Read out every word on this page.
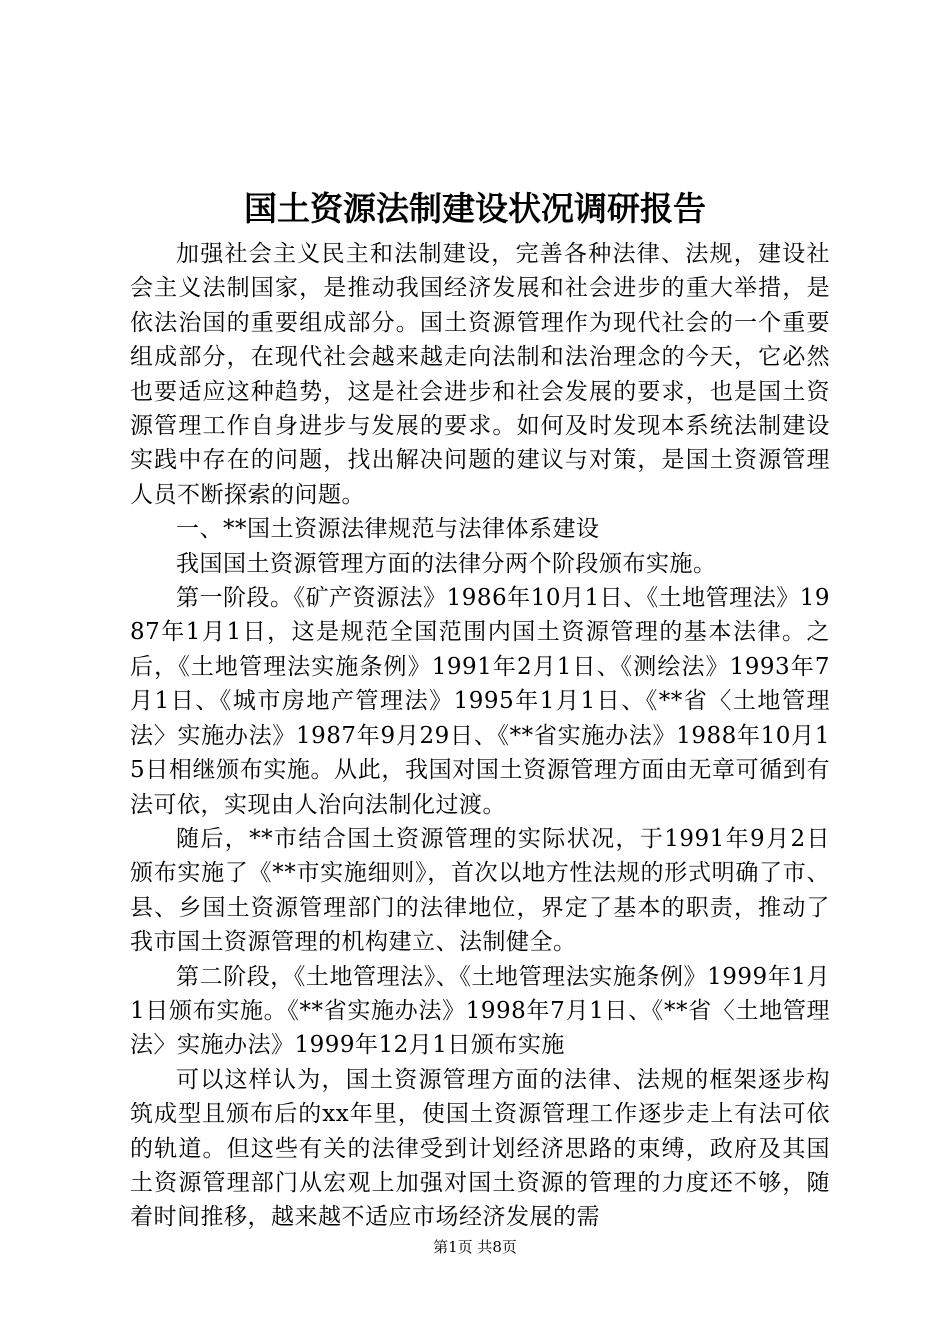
国土资源法制建设状况调研报告

加强社会主义民主和法制建设，完善各种法律、法规，建设社会主义法制国家，是推动我国经济发展和社会进步的重大举措，是依法治国的重要组成部分。国土资源管理作为现代社会的一个重要组成部分，在现代社会越来越走向法制和法治理念的今天，它必然也要适应这种趋势，这是社会进步和社会发展的要求，也是国土资源管理工作自身进步与发展的要求。如何及时发现本系统法制建设实践中存在的问题，找出解决问题的建议与对策，是国土资源管理人员不断探索的问题。

一、**国土资源法律规范与法律体系建设

我国国土资源管理方面的法律分两个阶段颁布实施。

第一阶段。《矿产资源法》1986年10月1日、《土地管理法》1987年1月1日，这是规范全国范围内国土资源管理的基本法律。之后，《土地管理法实施条例》1991年2月1日、《测绘法》1993年7月1日、《城市房地产管理法》1995年1月1日、《**省〈土地管理法〉实施办法》1987年9月29日、《**省实施办法》1988年10月15日相继颁布实施。从此，我国对国土资源管理方面由无章可循到有法可依，实现由人治向法制化过渡。

随后，**市结合国土资源管理的实际状况，于1991年9月2日颁布实施了《**市实施细则》，首次以地方性法规的形式明确了市、县、乡国土资源管理部门的法律地位，界定了基本的职责，推动了我市国土资源管理的机构建立、法制健全。

第二阶段，《土地管理法》、《土地管理法实施条例》1999年1月1日颁布实施。《**省实施办法》1998年7月1日、《**省〈土地管理法〉实施办法》1999年12月1日颁布实施

可以这样认为，国土资源管理方面的法律、法规的框架逐步构筑成型且颁布后的xx年里，使国土资源管理工作逐步走上有法可依的轨道。但这些有关的法律受到计划经济思路的束缚，政府及其国土资源管理部门从宏观上加强对国土资源的管理的力度还不够，随着时间推移，越来越不适应市场经济发展的需

第1页 共8页
